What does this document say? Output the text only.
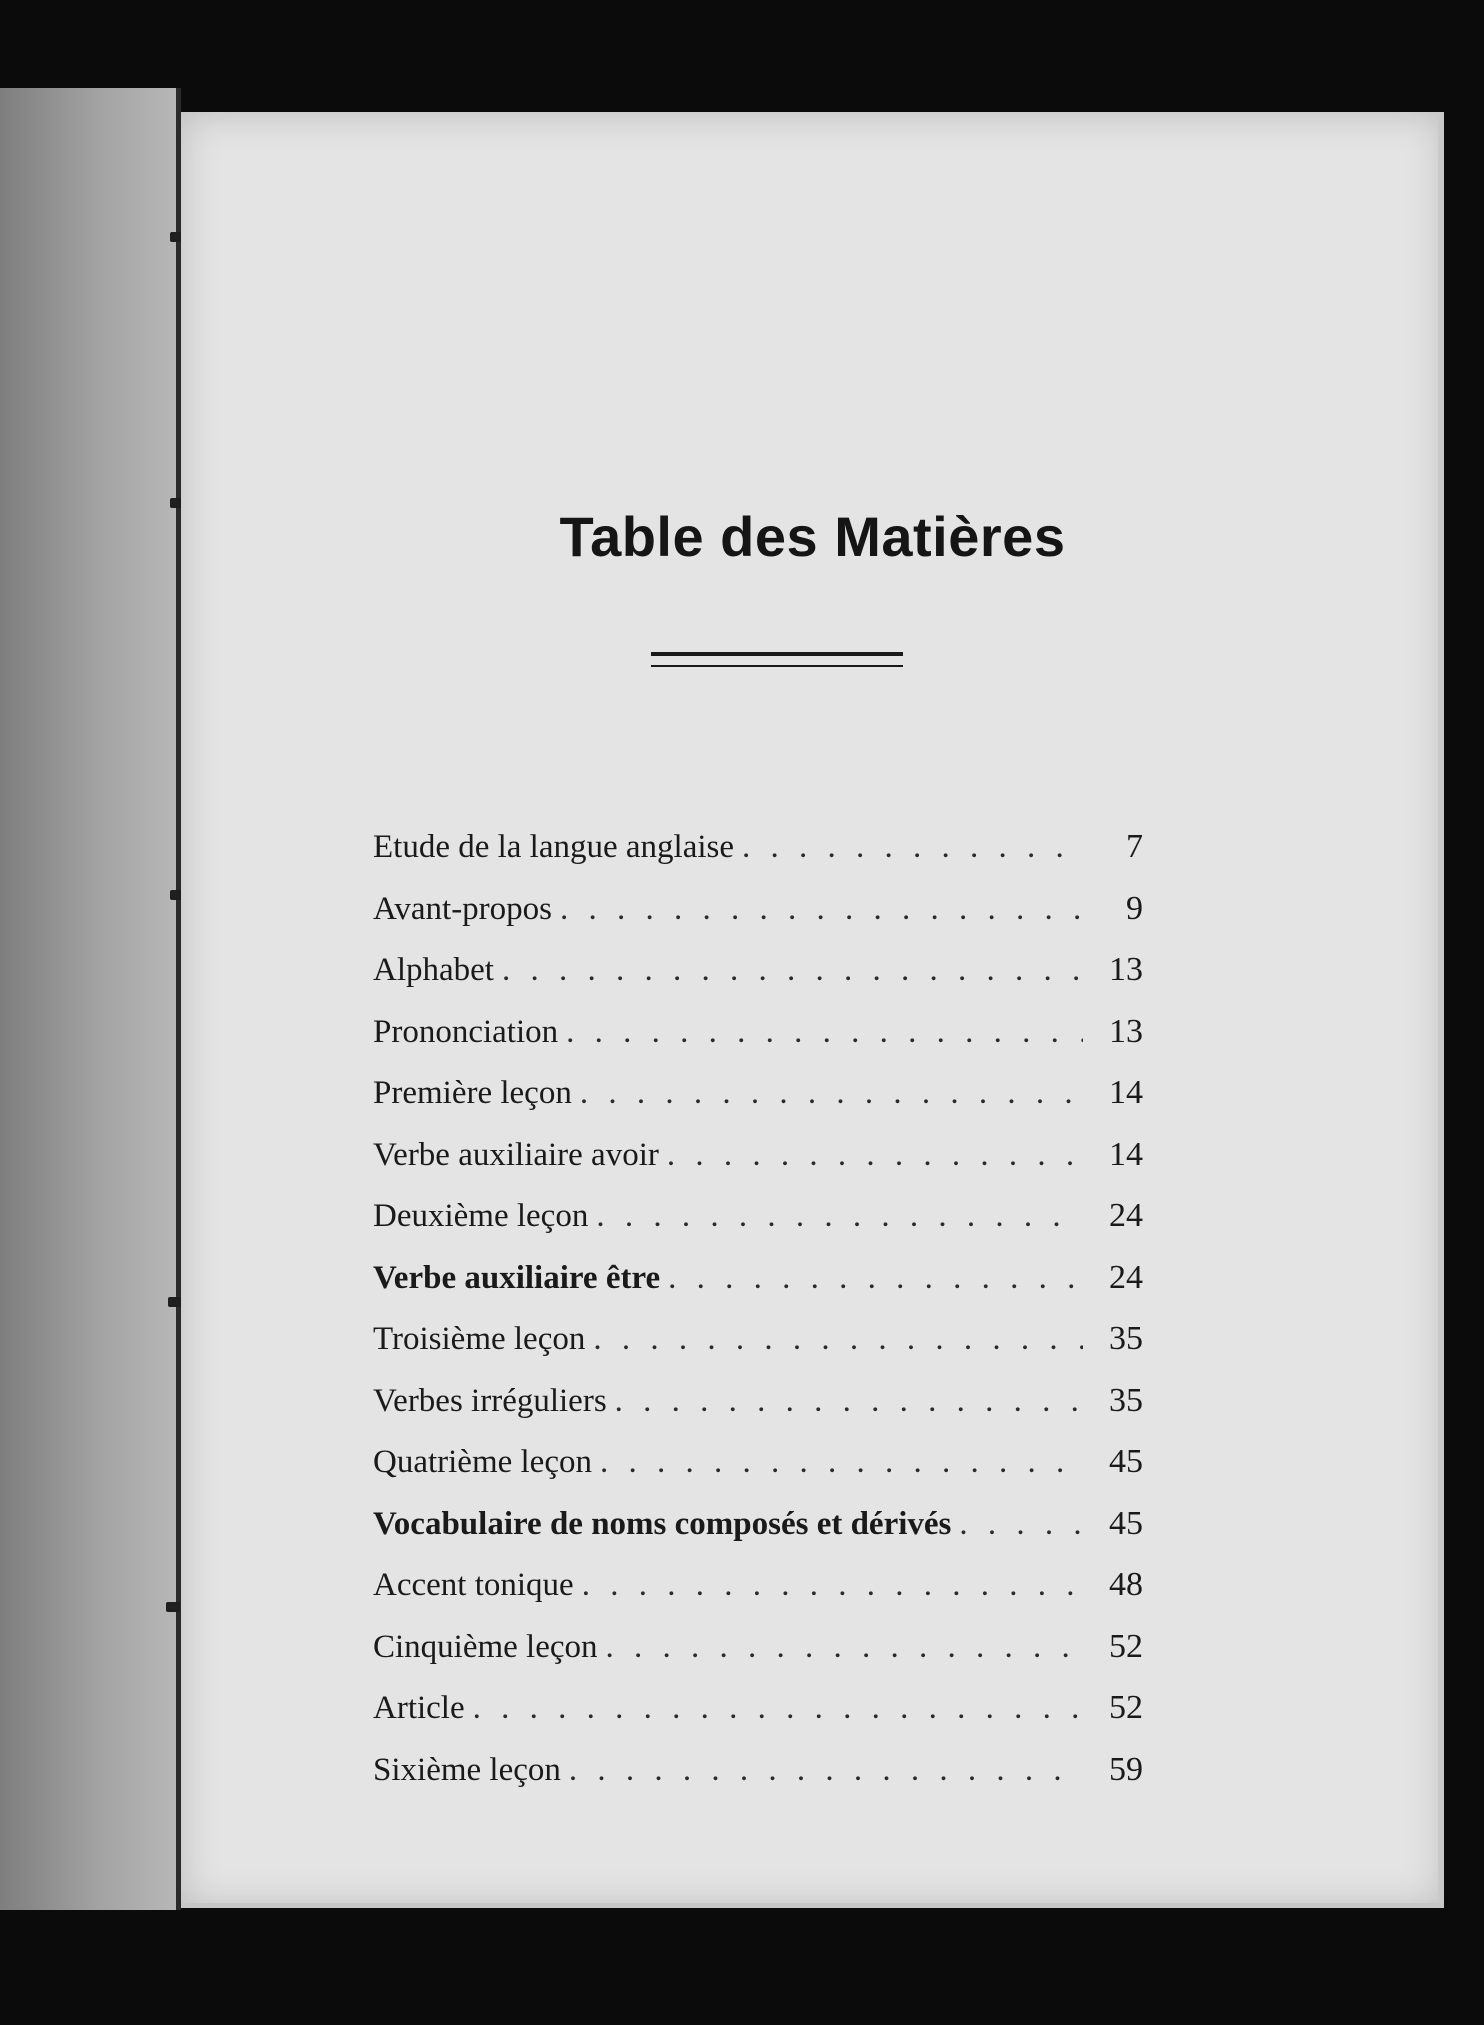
Table des Matières
Etude de la langue anglaise . . .	7
Avant-propos . . .	9
Alphabet . . .	13
Prononciation . . .	13
Première leçon . . .	14
Verbe auxiliaire avoir . . .	14
Deuxième leçon . . .	24
Verbe auxiliaire être . . .	24
Troisième leçon . . .	35
Verbes irréguliers . . .	35
Quatrième leçon . . .	45
Vocabulaire de noms composés et dérivés . . .	45
Accent tonique . . .	48
Cinquième leçon . . .	52
Article . . .	52
Sixième leçon . . .	59
